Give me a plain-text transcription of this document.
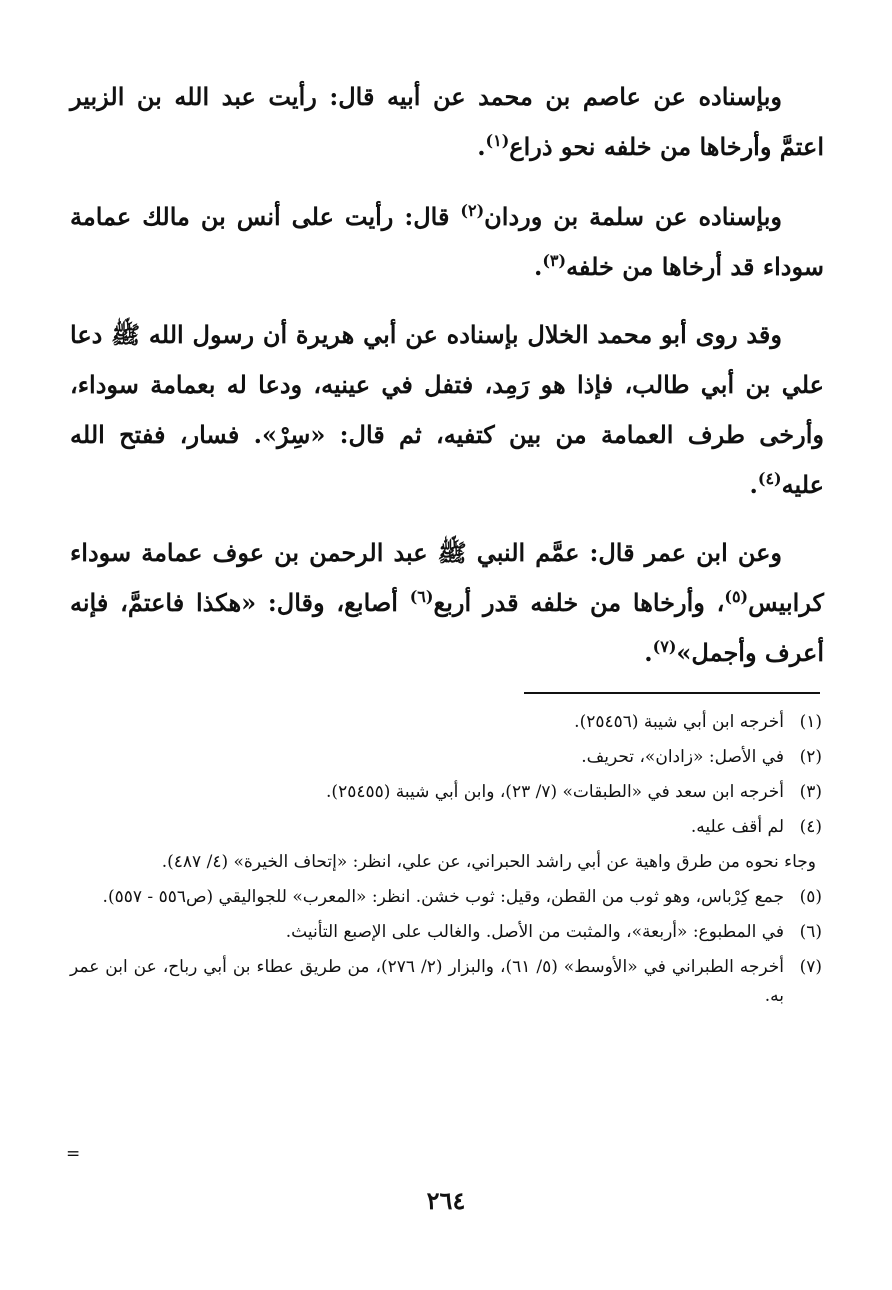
وبإسناده عن عاصم بن محمد عن أبيه قال: رأيت عبد الله بن الزبير اعتمَّ وأرخاها من خلفه نحو ذراع$^{(١)}$.

وبإسناده عن سلمة بن وردان$^{(٢)}$ قال: رأيت على أنس بن مالك عمامة سوداء قد أرخاها من خلفه$^{(٣)}$.

وقد روى أبو محمد الخلال بإسناده عن أبي هريرة أن رسول الله ﷺ دعا علي بن أبي طالب، فإذا هو رَمِد، فتفل في عينيه، ودعا له بعمامة سوداء، وأرخى طرف العمامة من بين كتفيه، ثم قال: «سِرْ». فسار، ففتح الله عليه$^{(٤)}$.

وعن ابن عمر قال: عمَّم النبي ﷺ عبد الرحمن بن عوف عمامة سوداء كرابيس$^{(٥)}$، وأرخاها من خلفه قدر أربع$^{(٦)}$ أصابع، وقال: «هكذا فاعتمَّ، فإنه أعرف وأجمل»$^{(٧)}$.

(١)
أخرجه ابن أبي شيبة (٢٥٤٥٦).
(٢)
في الأصل: «زادان»، تحريف.
(٣)
أخرجه ابن سعد في «الطبقات» (٧/ ٢٣)، وابن أبي شيبة (٢٥٤٥٥).
(٤)
لم أقف عليه.
وجاء نحوه من طرق واهية عن أبي راشد الحبراني، عن علي، انظر: «إتحاف الخيرة» (٤/ ٤٨٧).
(٥)
جمع كِرْباس، وهو ثوب من القطن، وقيل: ثوب خشن. انظر: «المعرب» للجواليقي (ص٥٥٦ - ٥٥٧).
(٦)
في المطبوع: «أربعة»، والمثبت من الأصل. والغالب على الإصبع التأنيث.
(٧)
أخرجه الطبراني في «الأوسط» (٥/ ٦١)، والبزار (٢/ ٢٧٦)، من طريق عطاء بن أبي رباح، عن ابن عمر به.
=
٢٦٤
